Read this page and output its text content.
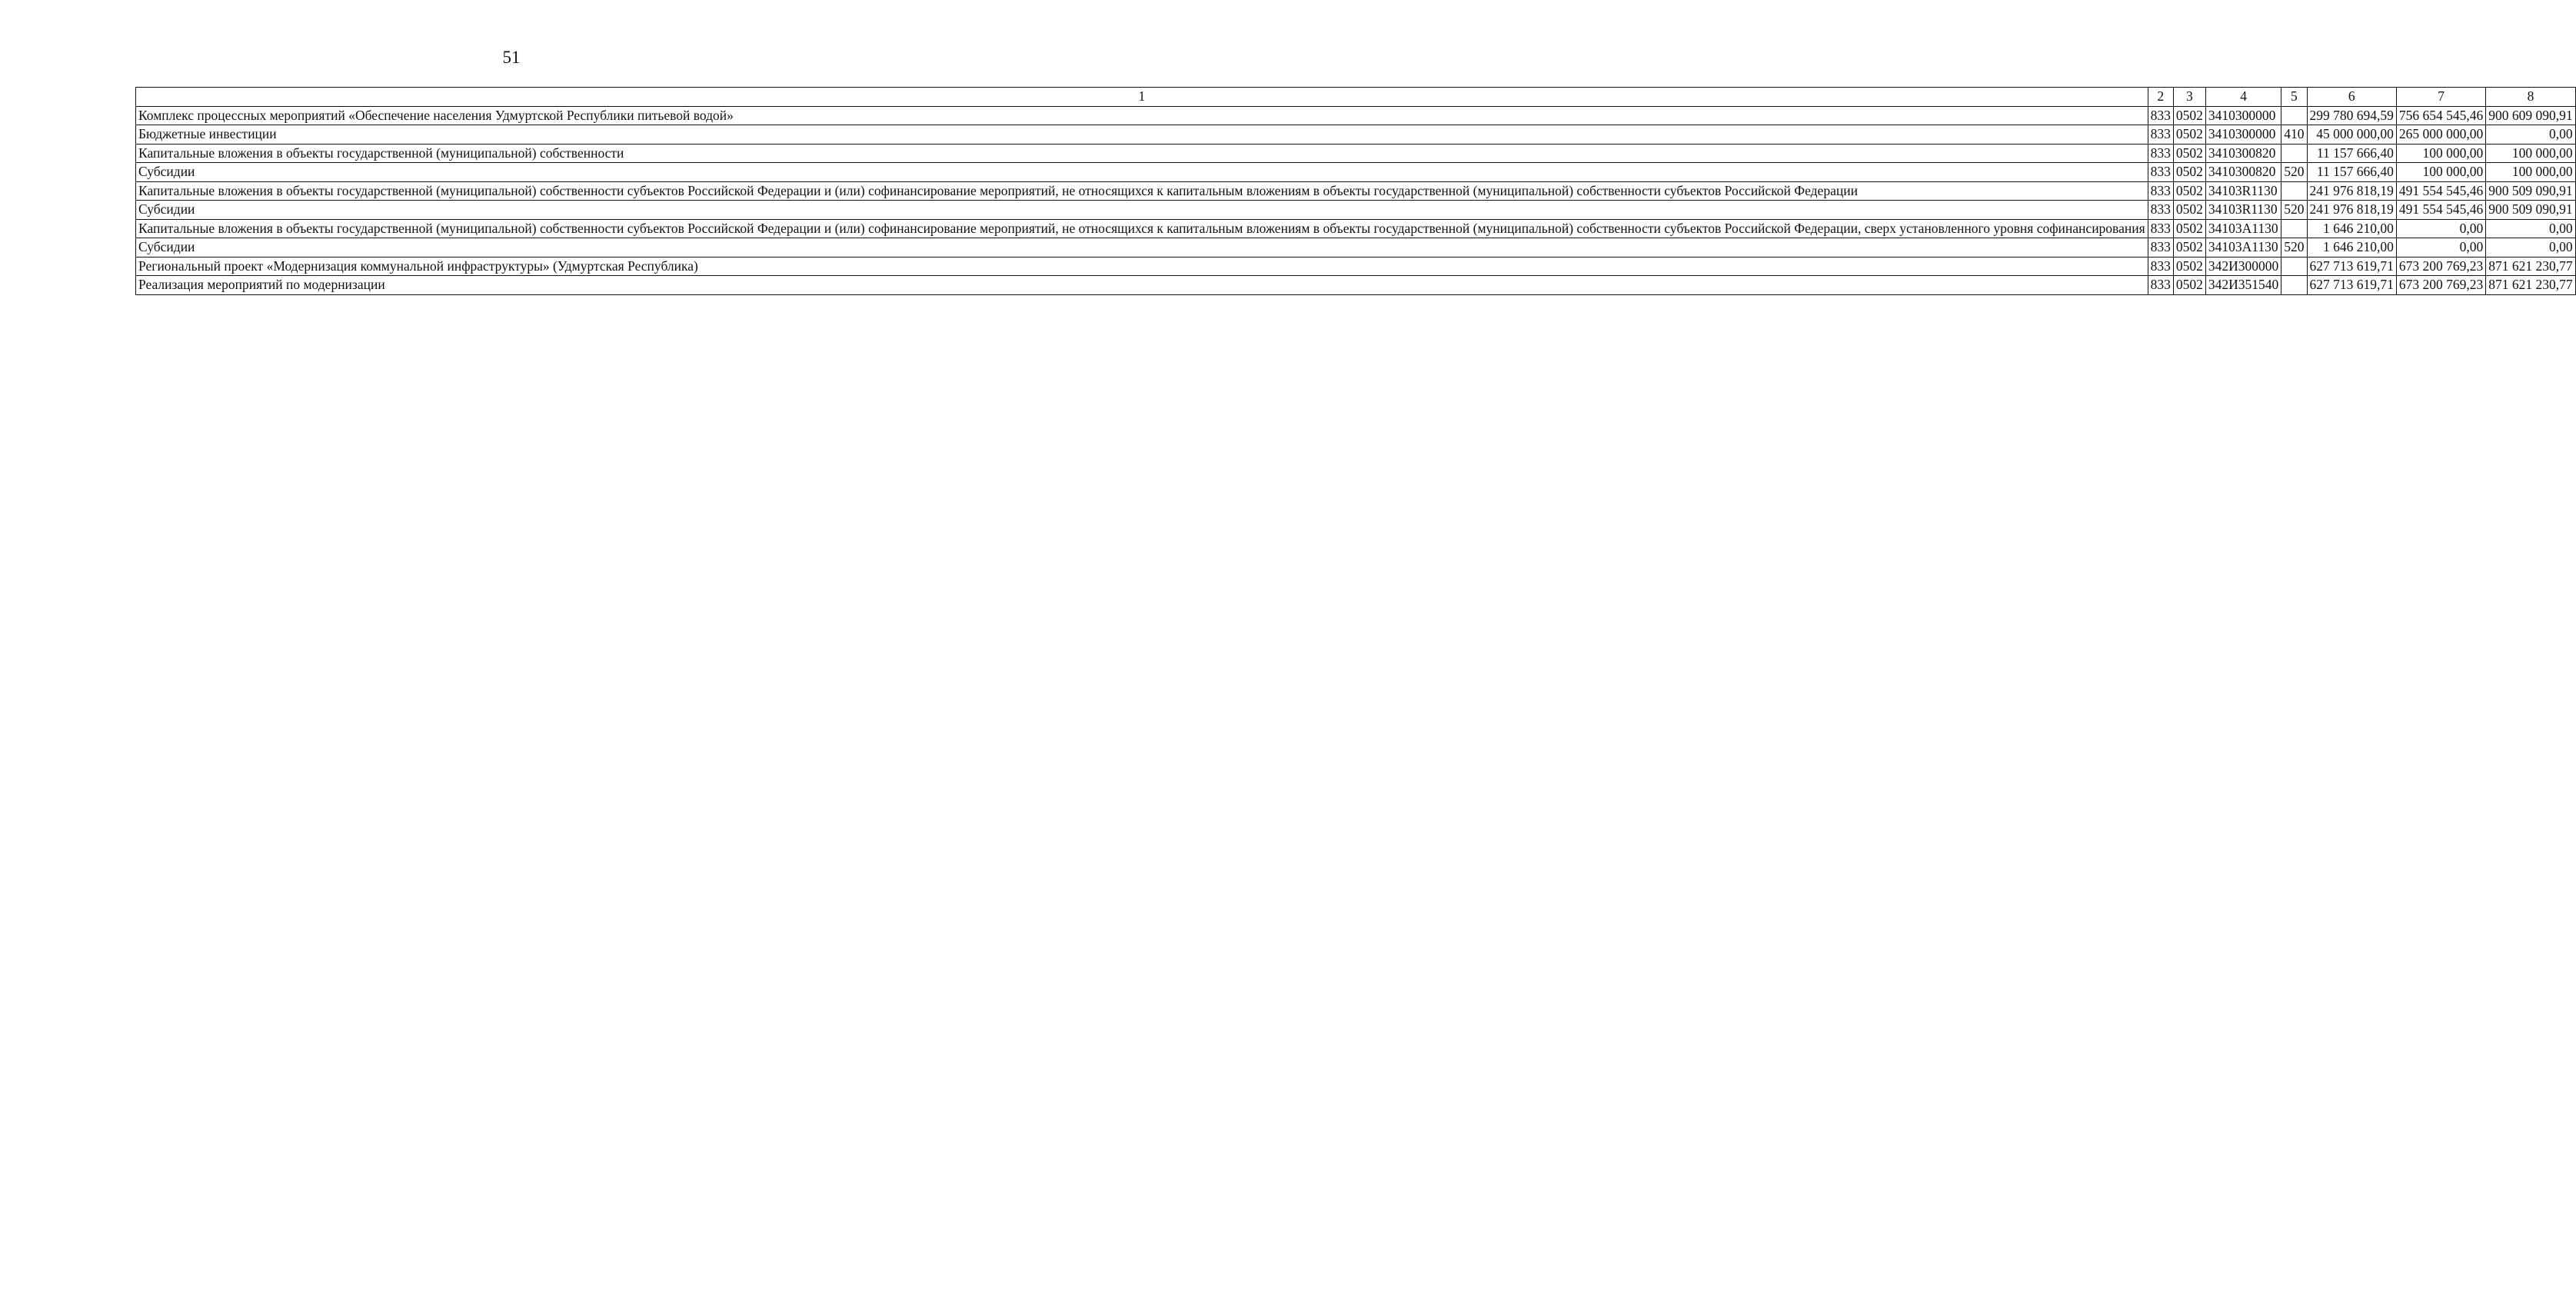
51
1	2	3	4	5	6	7	8
Комплекс процессных мероприятий «Обеспечение населения Удмуртской Республики питьевой водой»	833	0502	3410300000		299 780 694,59	756 654 545,46	900 609 090,91
Бюджетные инвестиции	833	0502	3410300000	410	45 000 000,00	265 000 000,00	0,00
Капитальные вложения в объекты государственной (муниципальной) собственности	833	0502	3410300820		11 157 666,40	100 000,00	100 000,00
Субсидии	833	0502	3410300820	520	11 157 666,40	100 000,00	100 000,00
Капитальные вложения в объекты государственной (муниципальной) собственности субъектов Российской Федерации и (или) софинансирование мероприятий, не относящихся к капитальным вложениям в объекты государственной (муниципальной) собственности субъектов Российской Федерации	833	0502	34103R1130		241 976 818,19	491 554 545,46	900 509 090,91
Субсидии	833	0502	34103R1130	520	241 976 818,19	491 554 545,46	900 509 090,91
Капитальные вложения в объекты государственной (муниципальной) собственности субъектов Российской Федерации и (или) софинансирование мероприятий, не относящихся к капитальным вложениям в объекты государственной (муниципальной) собственности субъектов Российской Федерации, сверх установленного уровня софинансирования	833	0502	34103A1130		1 646 210,00	0,00	0,00
Субсидии	833	0502	34103A1130	520	1 646 210,00	0,00	0,00
Региональный проект «Модернизация коммунальной инфраструктуры» (Удмуртская Республика)	833	0502	342И300000		627 713 619,71	673 200 769,23	871 621 230,77
Реализация мероприятий по модернизации	833	0502	342И351540		627 713 619,71	673 200 769,23	871 621 230,77
